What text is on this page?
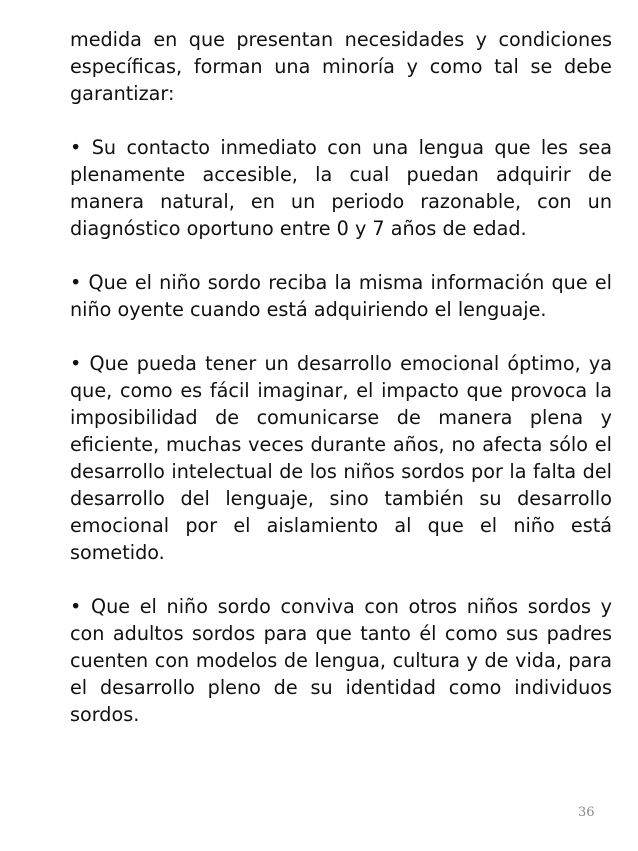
medida en que presentan necesidades y condiciones específicas, forman una minoría y como tal se debe garantizar:

• Su contacto inmediato con una lengua que les sea plenamente accesible, la cual puedan adquirir de manera natural, en un periodo razonable, con un diagnóstico oportuno entre 0 y 7 años de edad.

• Que el niño sordo reciba la misma información que el niño oyente cuando está adquiriendo el lenguaje.

• Que pueda tener un desarrollo emocional óptimo, ya que, como es fácil imaginar, el impacto que provoca la imposibilidad de comunicarse de manera plena y eficiente, muchas veces durante años, no afecta sólo el desarrollo intelectual de los niños sordos por la falta del desarrollo del lenguaje, sino también su desarrollo emocional por el aislamiento al que el niño está sometido.

• Que el niño sordo conviva con otros niños sordos y con adultos sordos para que tanto él como sus padres cuenten con modelos de lengua, cultura y de vida, para el desarrollo pleno de su identidad como individuos sordos.

36
